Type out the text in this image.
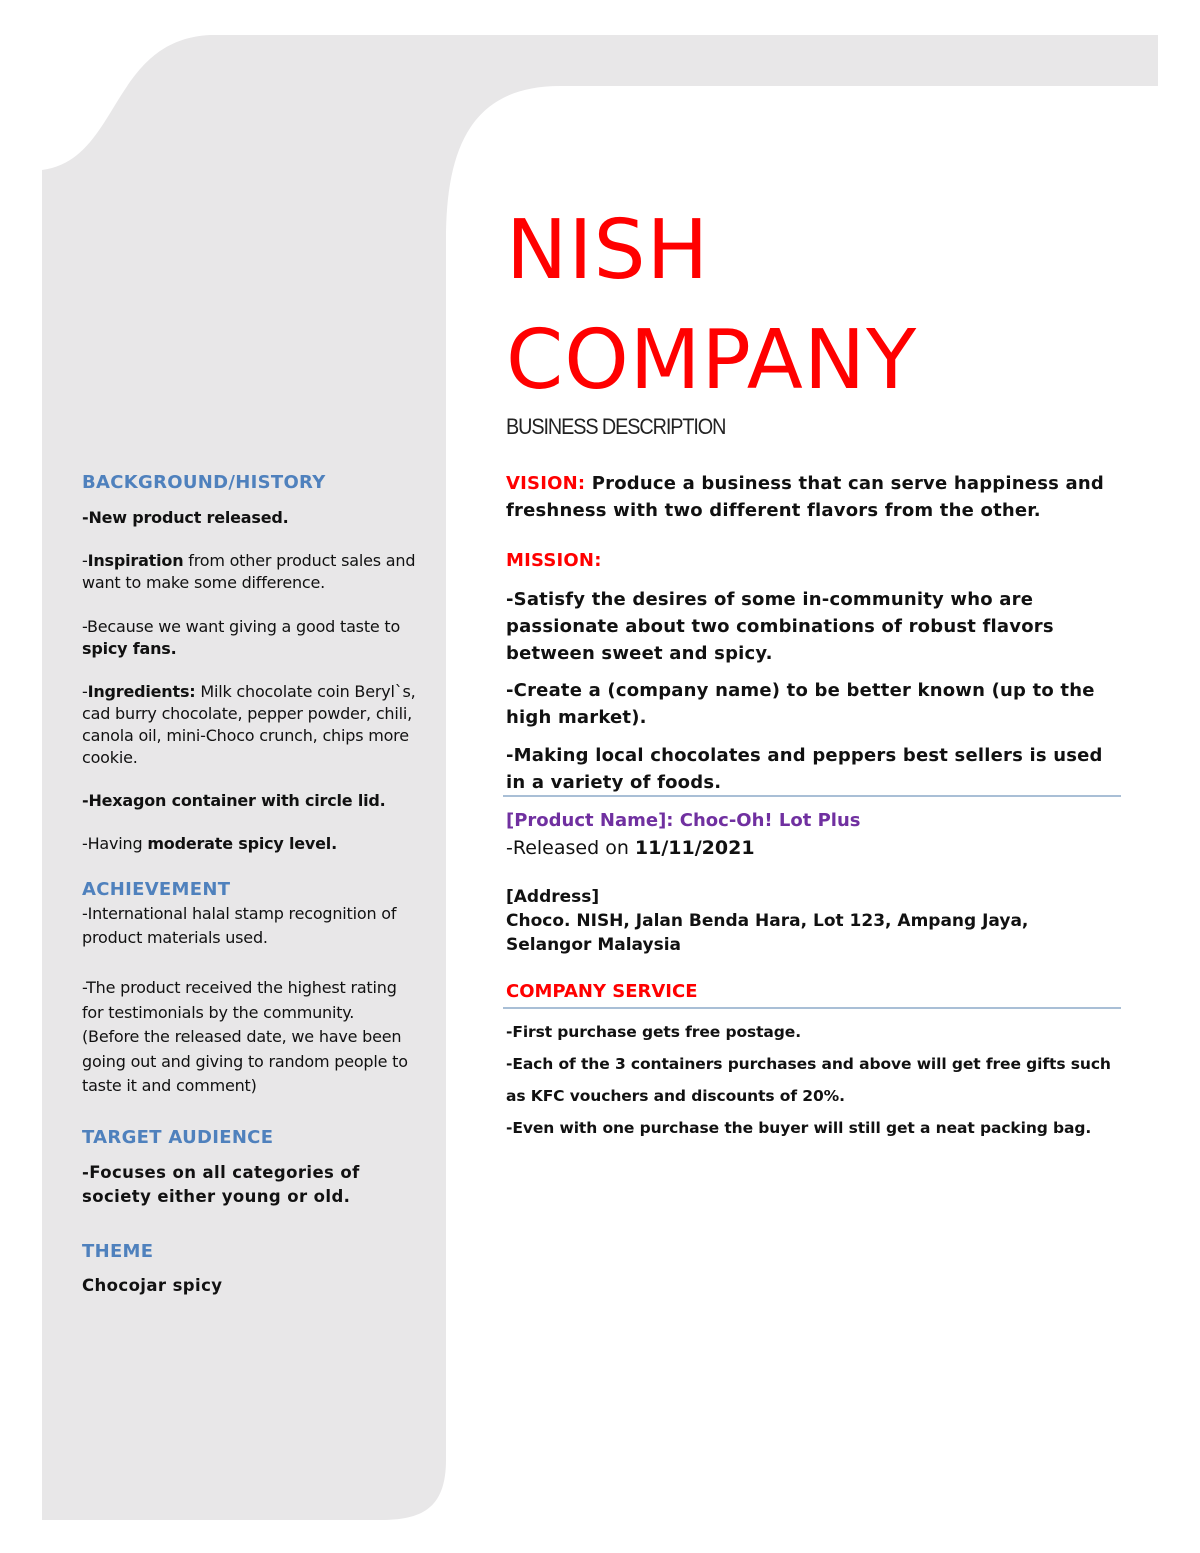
BACKGROUND/HISTORY

-New product released.

-Inspiration from other product sales and want to make some difference.

-Because we want giving a good taste to spicy fans.

-Ingredients: Milk chocolate coin Beryl`s, cad burry chocolate, pepper powder, chili, canola oil, mini-Choco crunch, chips more cookie.

-Hexagon container with circle lid.

-Having moderate spicy level.

ACHIEVEMENT

-International halal stamp recognition of product materials used.

-The product received the highest rating for testimonials by the community.

(Before the released date, we have been going out and giving to random people to taste it and comment)

TARGET AUDIENCE

-Focuses on all categories of society either young or old.

THEME

Chocojar spicy

NISH
COMPANY
BUSINESS DESCRIPTION

VISION: Produce a business that can serve happiness and freshness with two different flavors from the other.

MISSION:

-Satisfy the desires of some in-community who are passionate about two combinations of robust flavors between sweet and spicy.

-Create a (company name) to be better known (up to the high market).

-Making local chocolates and peppers best sellers is used in a variety of foods.

[Product Name]: Choc-Oh! Lot Plus
-Released on 11/11/2021
[Address]
Choco. NISH, Jalan Benda Hara, Lot 123, Ampang Jaya,
Selangor Malaysia
COMPANY SERVICE

-First purchase gets free postage.

-Each of the 3 containers purchases and above will get free gifts such as KFC vouchers and discounts of 20%.

-Even with one purchase the buyer will still get a neat packing bag.
